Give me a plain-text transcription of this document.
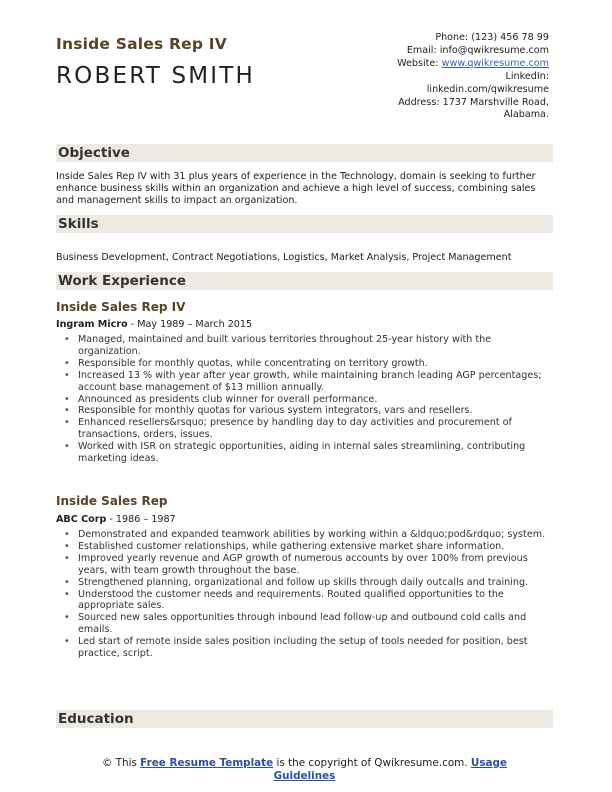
Inside Sales Rep IV
ROBERT SMITH
Phone: (123) 456 78 99
Email: info@qwikresume.com
Website: www.qwikresume.com
LinkedIn:
linkedin.com/qwikresume
Address: 1737 Marshville Road,
Alabama.
Objective
Inside Sales Rep IV with 31 plus years of experience in the Technology, domain is seeking to further enhance business skills within an organization and achieve a high level of success, combining sales and management skills to impact an organization.
Skills
Business Development, Contract Negotiations, Logistics, Market Analysis, Project Management
Work Experience
Inside Sales Rep IV
Ingram Micro - May 1989 – March 2015
• Managed, maintained and built various territories throughout 25-year history with the organization.
• Responsible for monthly quotas, while concentrating on territory growth.
• Increased 13 % with year after year growth, while maintaining branch leading AGP percentages; account base management of $13 million annually.
• Announced as presidents club winner for overall performance.
• Responsible for monthly quotas for various system integrators, vars and resellers.
• Enhanced resellers&rsquo; presence by handling day to day activities and procurement of transactions, orders, issues.
• Worked with ISR on strategic opportunities, aiding in internal sales streamlining, contributing marketing ideas.
Inside Sales Rep
ABC Corp - 1986 – 1987
• Demonstrated and expanded teamwork abilities by working within a &ldquo;pod&rdquo; system.
• Established customer relationships, while gathering extensive market share information.
• Improved yearly revenue and AGP growth of numerous accounts by over 100% from previous years, with team growth throughout the base.
• Strengthened planning, organizational and follow up skills through daily outcalls and training.
• Understood the customer needs and requirements. Routed qualified opportunities to the appropriate sales.
• Sourced new sales opportunities through inbound lead follow-up and outbound cold calls and emails.
• Led start of remote inside sales position including the setup of tools needed for position, best practice, script.
Education
© This Free Resume Template is the copyright of Qwikresume.com. Usage
Guidelines
